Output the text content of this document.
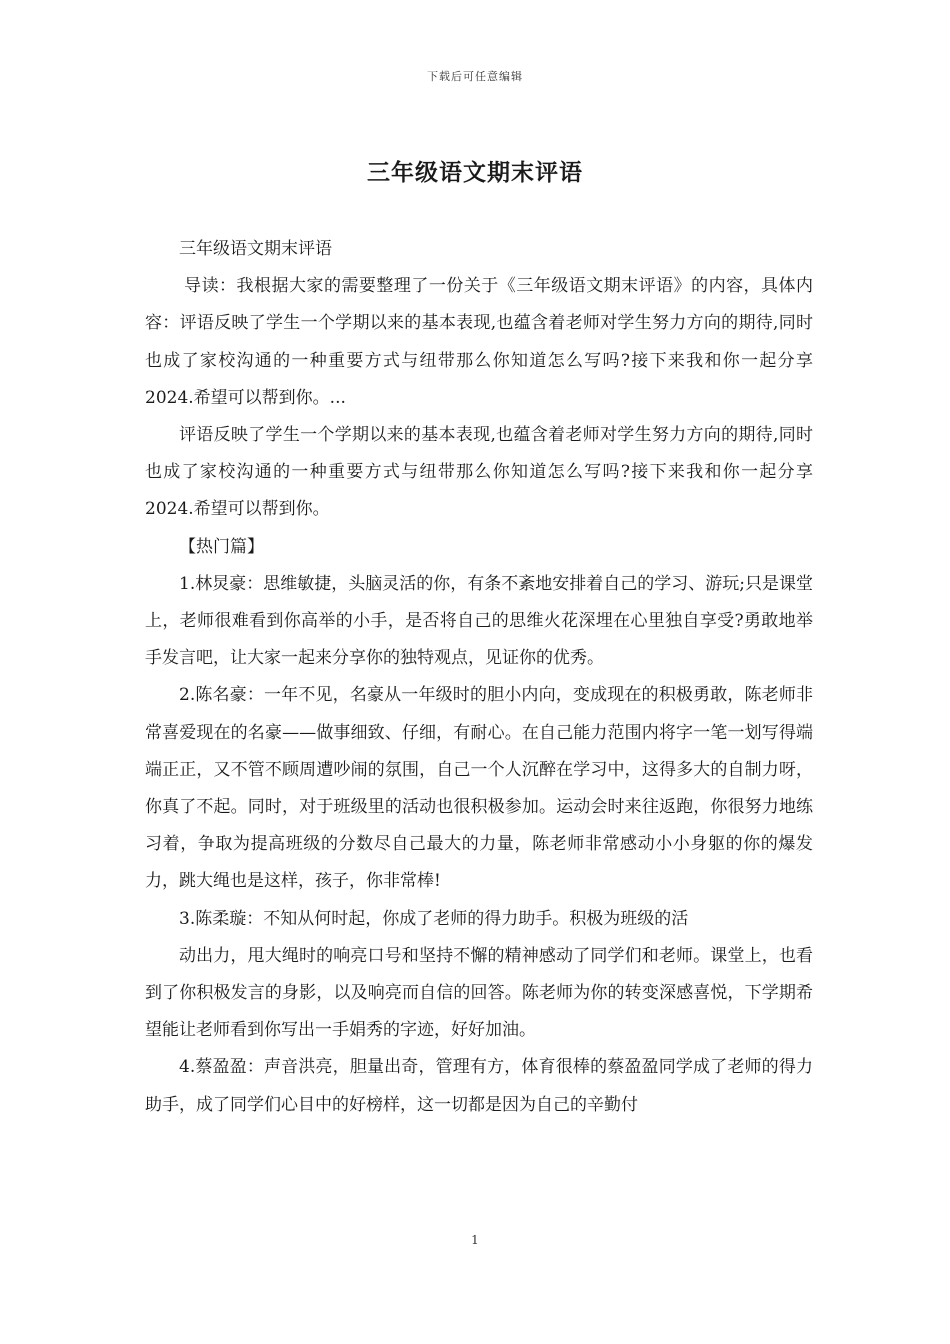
下载后可任意编辑
三年级语文期末评语

三年级语文期末评语

导读：我根据大家的需要整理了一份关于《三年级语文期末评语》的内容，具体内容：评语反映了学生一个学期以来的基本表现,也蕴含着老师对学生努力方向的期待,同时也成了家校沟通的一种重要方式与纽带那么你知道怎么写吗?接下来我和你一起分享2024.希望可以帮到你。...

评语反映了学生一个学期以来的基本表现,也蕴含着老师对学生努力方向的期待,同时也成了家校沟通的一种重要方式与纽带那么你知道怎么写吗?接下来我和你一起分享2024.希望可以帮到你。

【热门篇】

1.林炅豪：思维敏捷，头脑灵活的你，有条不紊地安排着自己的学习、游玩;只是课堂上，老师很难看到你高举的小手，是否将自己的思维火花深埋在心里独自享受?勇敢地举手发言吧，让大家一起来分享你的独特观点，见证你的优秀。

2.陈名豪：一年不见，名豪从一年级时的胆小内向，变成现在的积极勇敢，陈老师非常喜爱现在的名豪——做事细致、仔细，有耐心。在自己能力范围内将字一笔一划写得端端正正，又不管不顾周遭吵闹的氛围，自己一个人沉醉在学习中，这得多大的自制力呀，你真了不起。同时，对于班级里的活动也很积极参加。运动会时来往返跑，你很努力地练习着，争取为提高班级的分数尽自己最大的力量，陈老师非常感动小小身躯的你的爆发力，跳大绳也是这样，孩子，你非常棒!

3.陈柔璇：不知从何时起，你成了老师的得力助手。积极为班级的活

动出力，甩大绳时的响亮口号和坚持不懈的精神感动了同学们和老师。课堂上，也看到了你积极发言的身影，以及响亮而自信的回答。陈老师为你的转变深感喜悦，下学期希望能让老师看到你写出一手娟秀的字迹，好好加油。

4.蔡盈盈：声音洪亮，胆量出奇，管理有方，体育很棒的蔡盈盈同学成了老师的得力助手，成了同学们心目中的好榜样，这一切都是因为自己的辛勤付

1
